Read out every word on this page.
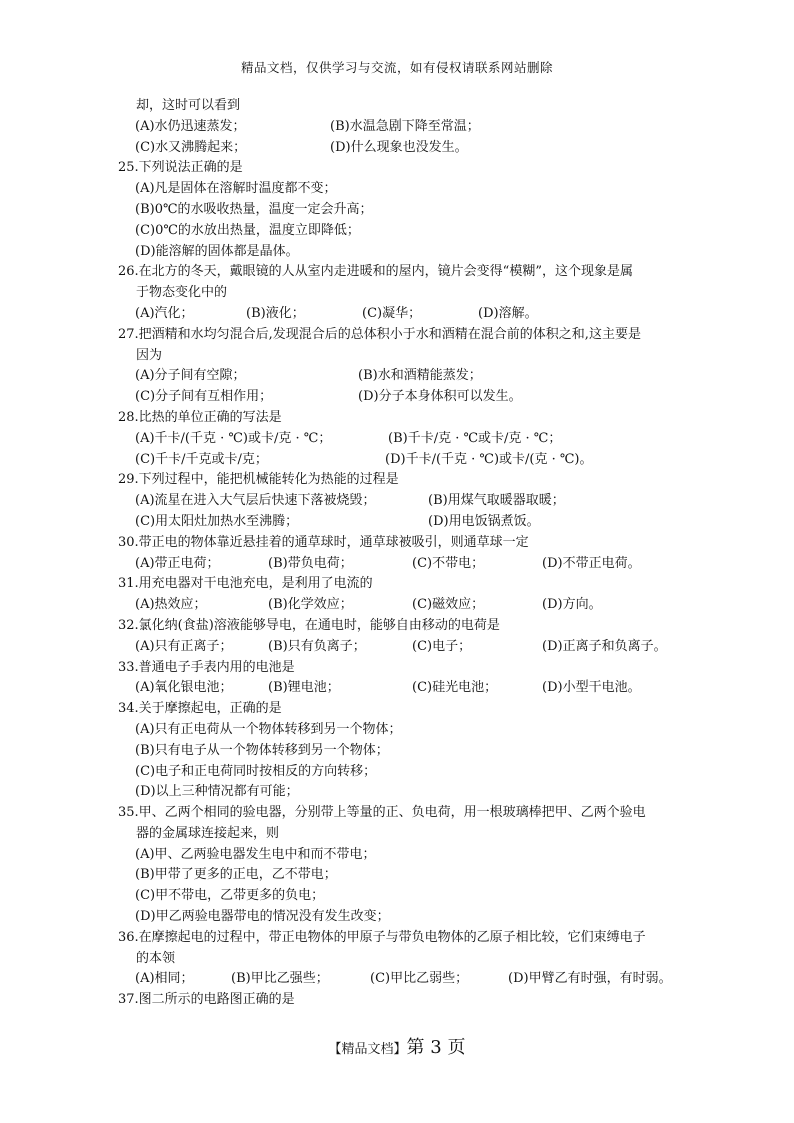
精品文档，仅供学习与交流，如有侵权请联系网站删除
却，这时可以看到
(A)水仍迅速蒸发；	(B)水温急剧下降至常温；
(C)水又沸腾起来；	(D)什么现象也没发生。
25.下列说法正确的是
(A)凡是固体在溶解时温度都不变；
(B)0℃的水吸收热量，温度一定会升高；
(C)0℃的水放出热量，温度立即降低；
(D)能溶解的固体都是晶体。
26.在北方的冬天，戴眼镜的人从室内走进暖和的屋内，镜片会变得“模糊”，这个现象是属
于物态变化中的
(A)汽化；	(B)液化；	(C)凝华；	(D)溶解。
27.把酒精和水均匀混合后,发现混合后的总体积小于水和酒精在混合前的体积之和,这主要是
因为
(A)分子间有空隙；	(B)水和酒精能蒸发；
(C)分子间有互相作用；	(D)分子本身体积可以发生。
28.比热的单位正确的写法是
(A)千卡/(千克 · ℃)或卡/克 · ℃；	(B)千卡/克 · ℃或卡/克 · ℃；
(C)千卡/千克或卡/克；	(D)千卡/(千克 · ℃)或卡/(克 · ℃)。
29.下列过程中，能把机械能转化为热能的过程是
(A)流星在进入大气层后快速下落被烧毁；	(B)用煤气取暖器取暖；
(C)用太阳灶加热水至沸腾；	(D)用电饭锅煮饭。
30.带正电的物体靠近悬挂着的通草球时，通草球被吸引，则通草球一定
(A)带正电荷；	(B)带负电荷；	(C)不带电；	(D)不带正电荷。
31.用充电器对干电池充电，是利用了电流的
(A)热效应；	(B)化学效应；	(C)磁效应；	(D)方向。
32.氯化纳(食盐)溶液能够导电，在通电时，能够自由移动的电荷是
(A)只有正离子；	(B)只有负离子；	(C)电子；	(D)正离子和负离子。
33.普通电子手表内用的电池是
(A)氧化银电池；	(B)锂电池；	(C)硅光电池；	(D)小型干电池。
34.关于摩擦起电，正确的是
(A)只有正电荷从一个物体转移到另一个物体；
(B)只有电子从一个物体转移到另一个物体；
(C)电子和正电荷同时按相反的方向转移；
(D)以上三种情况都有可能；
35.甲、乙两个相同的验电器，分别带上等量的正、负电荷，用一根玻璃棒把甲、乙两个验电
器的金属球连接起来，则
(A)甲、乙两验电器发生电中和而不带电；
(B)甲带了更多的正电，乙不带电；
(C)甲不带电，乙带更多的负电；
(D)甲乙两验电器带电的情况没有发生改变；
36.在摩擦起电的过程中，带正电物体的甲原子与带负电物体的乙原子相比较，它们束缚电子
的本领
(A)相同；	(B)甲比乙强些；	(C)甲比乙弱些；	(D)甲臂乙有时强，有时弱。
37.图二所示的电路图正确的是
【精品文档】第 3 页
